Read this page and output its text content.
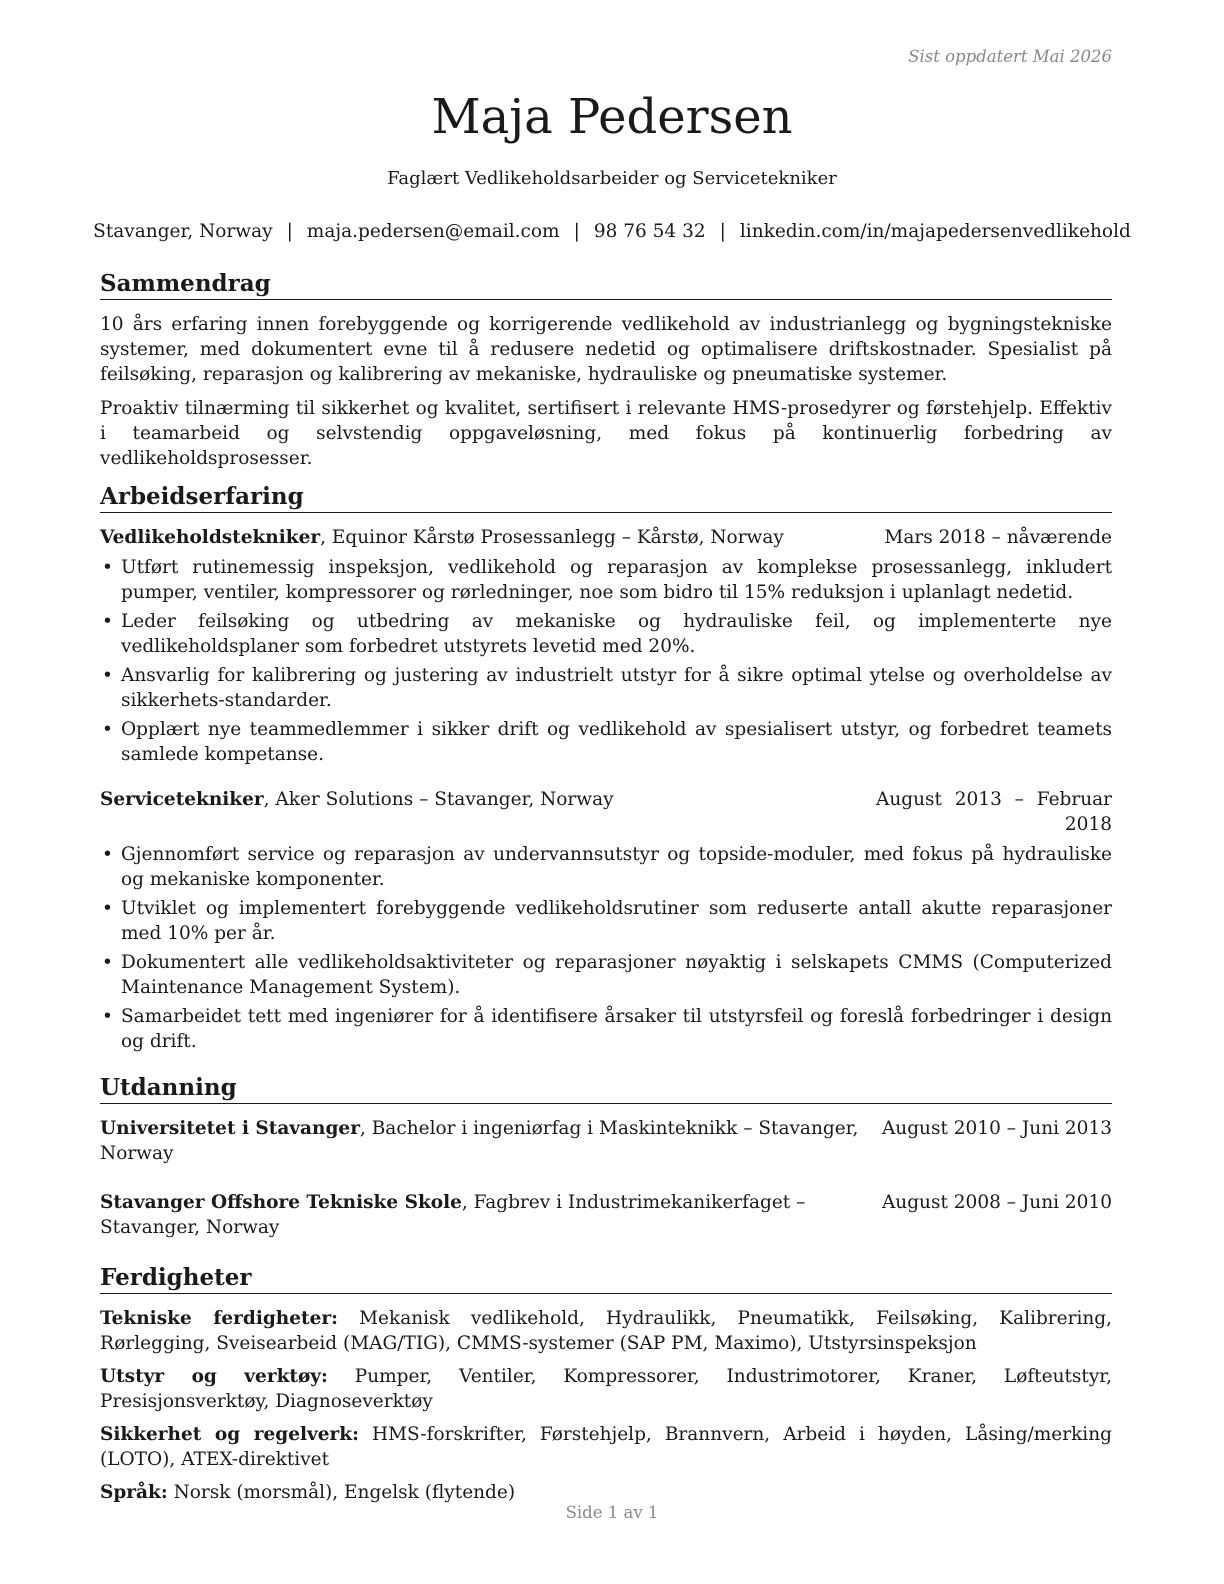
Sist oppdatert Mai 2026
Maja Pedersen
Faglært Vedlikeholdsarbeider og Servicetekniker
Stavanger, Norway | maja.pedersen@email.com | 98 76 54 32 | linkedin.com/in/majapedersenvedlikehold
Sammendrag

10 års erfaring innen forebyggende og korrigerende vedlikehold av industrianlegg og bygningstekniske systemer, med dokumentert evne til å redusere nedetid og optimalisere driftskostnader. Spesialist på feilsøking, reparasjon og kalibrering av mekaniske, hydrauliske og pneumatiske systemer.

Proaktiv tilnærming til sikkerhet og kvalitet, sertifisert i relevante HMS-prosedyrer og førstehjelp. Effektiv i teamarbeid og selvstendig oppgaveløsning, med fokus på kontinuerlig forbedring av vedlikeholdsprosesser.

Arbeidserfaring
Vedlikeholdstekniker, Equinor Kårstø Prosessanlegg – Kårstø, Norway	Mars 2018 – nåværende
• Utført rutinemessig inspeksjon, vedlikehold og reparasjon av komplekse prosessanlegg, inkludert pumper, ventiler, kompressorer og rørledninger, noe som bidro til 15% reduksjon i uplanlagt nedetid.
• Leder feilsøking og utbedring av mekaniske og hydrauliske feil, og implementerte nye vedlikeholdsplaner som forbedret utstyrets levetid med 20%.
• Ansvarlig for kalibrering og justering av industrielt utstyr for å sikre optimal ytelse og overholdelse av sikkerhets-standarder.
• Opplært nye teammedlemmer i sikker drift og vedlikehold av spesialisert utstyr, og forbedret teamets samlede kompetanse.
Servicetekniker, Aker Solutions – Stavanger, Norway	August 2013 – Februar 2018
• Gjennomført service og reparasjon av undervannsutstyr og topside-moduler, med fokus på hydrauliske og mekaniske komponenter.
• Utviklet og implementert forebyggende vedlikeholdsrutiner som reduserte antall akutte reparasjoner med 10% per år.
• Dokumentert alle vedlikeholdsaktiviteter og reparasjoner nøyaktig i selskapets CMMS (Computerized Maintenance Management System).
• Samarbeidet tett med ingeniører for å identifisere årsaker til utstyrsfeil og foreslå forbedringer i design og drift.
Utdanning
Universitetet i Stavanger, Bachelor i ingeniørfag i Maskinteknikk – Stavanger, Norway
August 2010 – Juni 2013
Stavanger Offshore Tekniske Skole, Fagbrev i Industrimekanikerfaget – Stavanger, Norway
August 2008 – Juni 2010
Ferdigheter

Tekniske ferdigheter: Mekanisk vedlikehold, Hydraulikk, Pneumatikk, Feilsøking, Kalibrering, Rørlegging, Sveisearbeid (MAG/TIG), CMMS-systemer (SAP PM, Maximo), Utstyrsinspeksjon

Utstyr og verktøy: Pumper, Ventiler, Kompressorer, Industrimotorer, Kraner, Løfteutstyr, Presisjonsverktøy, Diagnoseverktøy

Sikkerhet og regelverk: HMS-forskrifter, Førstehjelp, Brannvern, Arbeid i høyden, Låsing/merking (LOTO), ATEX-direktivet

Språk: Norsk (morsmål), Engelsk (flytende)

Side 1 av 1
